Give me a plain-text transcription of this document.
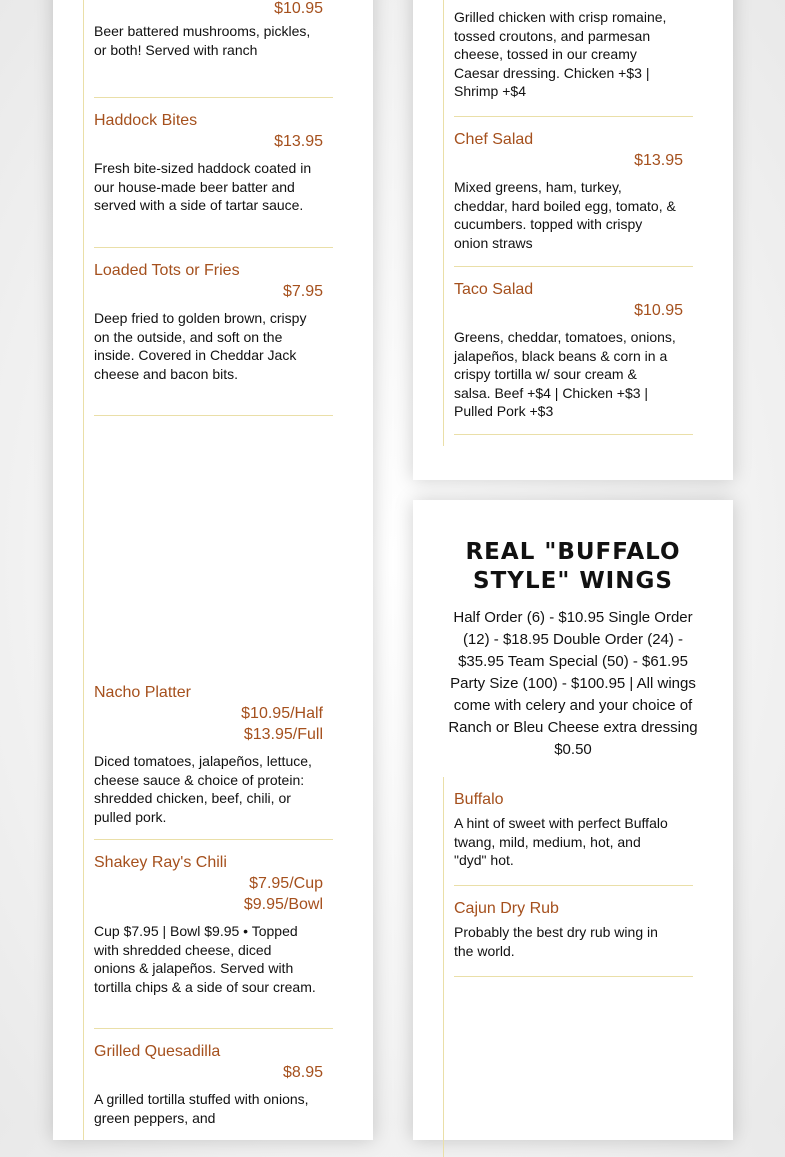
$10.95
Beer battered mushrooms, pickles, or both! Served with ranch
Haddock Bites
$13.95
Fresh bite-sized haddock coated in our house-made beer batter and served with a side of tartar sauce.
Loaded Tots or Fries
$7.95
Deep fried to golden brown, crispy on the outside, and soft on the inside. Covered in Cheddar Jack cheese and bacon bits.
Nacho Platter
$10.95/Half
$13.95/Full
Diced tomatoes, jalapeños, lettuce, cheese sauce & choice of protein: shredded chicken, beef, chili, or pulled pork.
Shakey Ray's Chili
$7.95/Cup
$9.95/Bowl
Cup $7.95 | Bowl $9.95 • Topped with shredded cheese, diced onions & jalapeños. Served with tortilla chips & a side of sour cream.
Grilled Quesadilla
$8.95
A grilled tortilla stuffed with onions, green peppers, and
Grilled chicken with crisp romaine, tossed croutons, and parmesan cheese, tossed in our creamy Caesar dressing. Chicken +$3 | Shrimp +$4
Chef Salad
$13.95
Mixed greens, ham, turkey, cheddar, hard boiled egg, tomato, & cucumbers. topped with crispy onion straws
Taco Salad
$10.95
Greens, cheddar, tomatoes, onions, jalapeños, black beans & corn in a crispy tortilla w/ sour cream & salsa. Beef +$4 | Chicken +$3 | Pulled Pork +$3
REAL "BUFFALO STYLE" WINGS
Half Order (6) - $10.95 Single Order (12) - $18.95 Double Order (24) - $35.95 Team Special (50) - $61.95 Party Size (100) - $100.95 | All wings come with celery and your choice of Ranch or Bleu Cheese extra dressing $0.50
Buffalo
A hint of sweet with perfect Buffalo twang, mild, medium, hot, and "dyd" hot.
Cajun Dry Rub
Probably the best dry rub wing in the world.
